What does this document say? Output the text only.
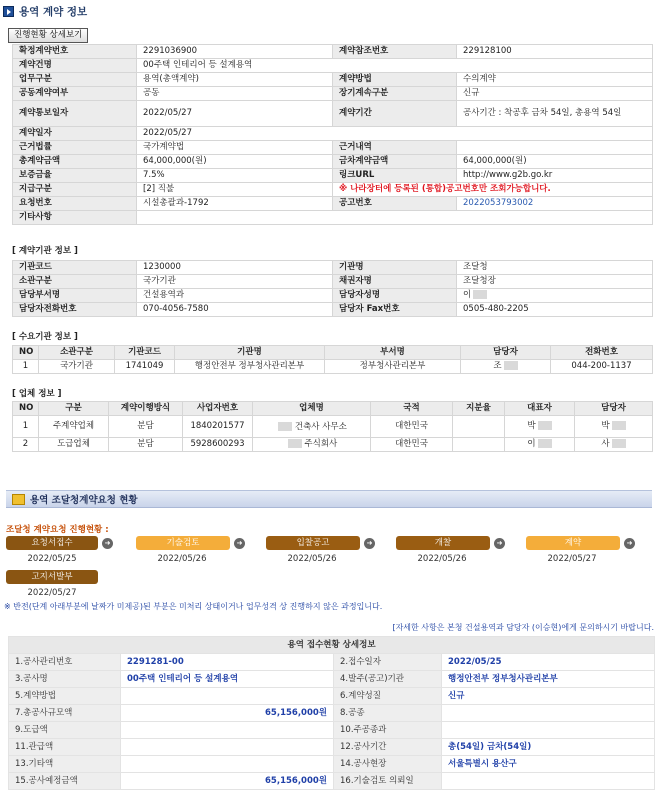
용역 계약 정보
진행현황 상세보기
확정계약번호	2291036900	계약참조번호	229128100
계약건명	00주택 인테리어 등 설계용역		
업무구분	용역(총액계약)	계약방법	수의계약
공동계약여부	공동	장기계속구분	신규
계약통보일자	2022/05/27	계약기간	공사기간 : 착공후 금차 54일, 총용역 54일
계약일자	2022/05/27		
근거법률	국가계약법	근거내역	
총계약금액	64,000,000(원)	금차계약금액	64,000,000(원)
보증금율	7.5%	링크URL	http://www.g2b.go.kr
지급구분	[2] 직불	※ 나라장터에 등록된 (통합)공고번호만 조회가능합니다.	
요청번호	시설총괄과-1792	공고번호	2022053793002
기타사항			
[ 계약기관 정보 ]
기관코드	1230000	기관명	조달청
소관구분	국가기관	채권자명	조달청장
담당부서명	건설용역과	담당자성명	이
담당자전화번호	070-4056-7580	담당자 Fax번호	0505-480-2205
[ 수요기관 정보 ]
NO	소관구분	기관코드	기관명	부서명	담당자	전화번호
1	국가기관	1741049	행정안전부 정부청사관리본부	정부청사관리본부	조	044-200-1137
[ 업체 정보 ]
NO	구분	계약이행방식	사업자번호	업체명	국적	지분율	대표자	담당자
1	주계약업체	분담	1840201577	건축사 사무소	대한민국		박	박
2	도급업체	분담	5928600293	주식회사	대한민국		이	사
용역 조달청계약요청 현황
조달청 계약요청 진행현황 :
요청서접수	➜
2022/05/25
기술검토	➜
2022/05/26
입찰공고	➜
2022/05/26
개찰	➜
2022/05/26
계약	➜
2022/05/27
고지서발부
2022/05/27
※ 반전(단계 아래부분에 날짜가 미제공)된 부분은 미처리 상태이거나 업무성격 상 진행하지 않은 과정입니다.
[자세한 사항은 본청 건설용역과 담당자 (이승현)에게 문의하시기 바랍니다.
용역 접수현황 상세정보			
1.공사관리번호	2291281-00	2.접수일자	2022/05/25
3.공사명	00주택 인테리어 등 설계용역	4.발주(공고)기관	행정안전부 정부청사관리본부
5.계약방법		6.계약성질	신규
7.총공사규모액	65,156,000원	8.공종	
9.도급액		10.주공종과	
11.관급액		12.공사기간	총(54일) 금차(54일)
13.기타액		14.공사현장	서울특별시 용산구
15.공사예정금액	65,156,000원	16.기술검토 의뢰일	
